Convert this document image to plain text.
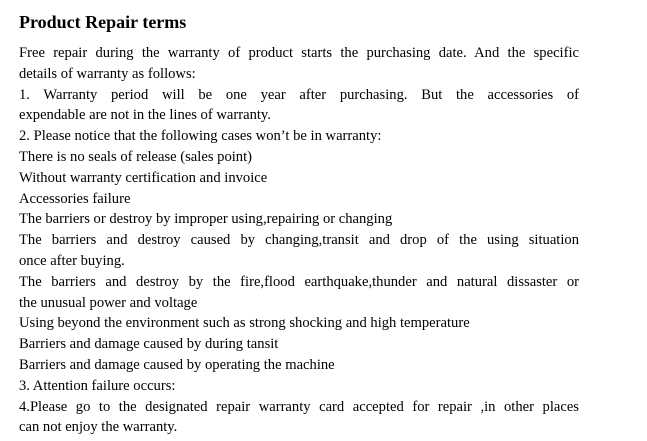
Product Repair terms

Free repair during the warranty of product starts the purchasing date. And the specific

details of warranty as follows:

1. Warranty period will be one year after purchasing. But the accessories of

expendable are not in the lines of warranty.

2. Please notice that the following cases won’t be in warranty:

There is no seals of release (sales point)

Without warranty certification and invoice

Accessories failure

The barriers or destroy by improper using,repairing or changing

The barriers and destroy caused by changing,transit and drop of the using situation

once after buying.

The barriers and destroy by the fire,flood earthquake,thunder and natural dissaster or

the unusual power and voltage

Using beyond the environment such as strong shocking and high temperature

Barriers and damage caused by during tansit

Barriers and damage caused by operating the machine

3. Attention failure occurs:

4.Please go to the designated repair warranty card accepted for repair ,in other places

can not enjoy the warranty.
